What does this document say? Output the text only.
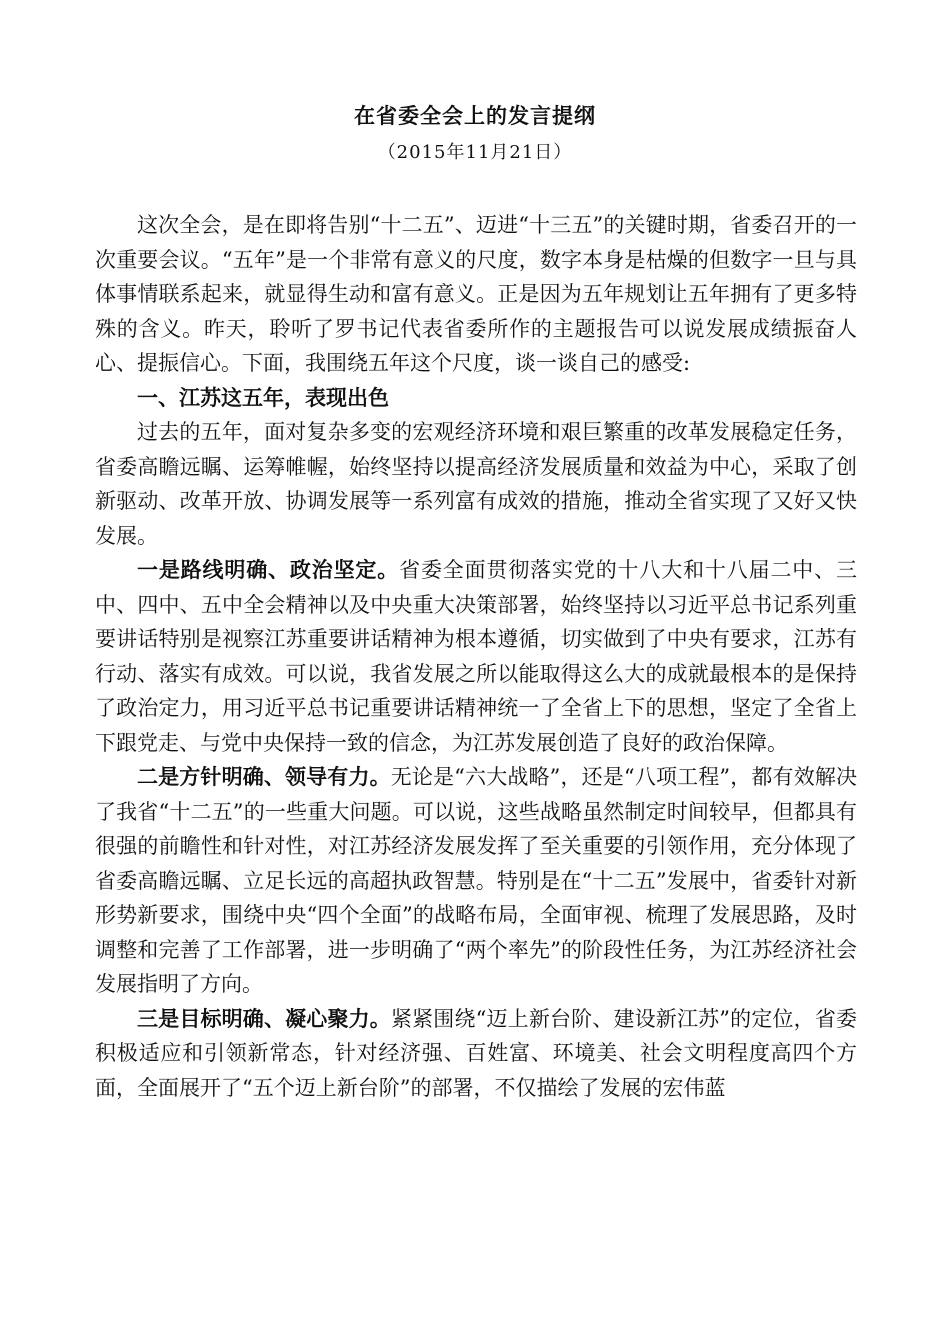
在省委全会上的发言提纲
（2015年11月21日）

这次全会，是在即将告别“十二五”、迈进“十三五”的关键时期，省委召开的一次重要会议。“五年”是一个非常有意义的尺度，数字本身是枯燥的但数字一旦与具体事情联系起来，就显得生动和富有意义。正是因为五年规划让五年拥有了更多特殊的含义。昨天，聆听了罗书记代表省委所作的主题报告可以说发展成绩振奋人心、提振信心。下面，我围绕五年这个尺度，谈一谈自己的感受:

一、江苏这五年，表现出色

过去的五年，面对复杂多变的宏观经济环境和艰巨繁重的改革发展稳定任务，省委高瞻远瞩、运筹帷幄，始终坚持以提高经济发展质量和效益为中心，采取了创新驱动、改革开放、协调发展等一系列富有成效的措施，推动全省实现了又好又快发展。

一是路线明确、政治坚定。省委全面贯彻落实党的十八大和十八届二中、三中、四中、五中全会精神以及中央重大决策部署，始终坚持以习近平总书记系列重要讲话特别是视察江苏重要讲话精神为根本遵循，切实做到了中央有要求，江苏有行动、落实有成效。可以说，我省发展之所以能取得这么大的成就最根本的是保持了政治定力，用习近平总书记重要讲话精神统一了全省上下的思想，坚定了全省上下跟党走、与党中央保持一致的信念，为江苏发展创造了良好的政治保障。

二是方针明确、领导有力。无论是“六大战略”，还是“八项工程”，都有效解决了我省“十二五”的一些重大问题。可以说，这些战略虽然制定时间较早，但都具有很强的前瞻性和针对性，对江苏经济发展发挥了至关重要的引领作用，充分体现了省委高瞻远瞩、立足长远的高超执政智慧。特别是在“十二五”发展中，省委针对新形势新要求，围绕中央“四个全面”的战略布局，全面审视、梳理了发展思路，及时调整和完善了工作部署，进一步明确了“两个率先”的阶段性任务，为江苏经济社会发展指明了方向。

三是目标明确、凝心聚力。紧紧围绕“迈上新台阶、建设新江苏”的定位，省委积极适应和引领新常态，针对经济强、百姓富、环境美、社会文明程度高四个方面，全面展开了“五个迈上新台阶”的部署，不仅描绘了发展的宏伟蓝
